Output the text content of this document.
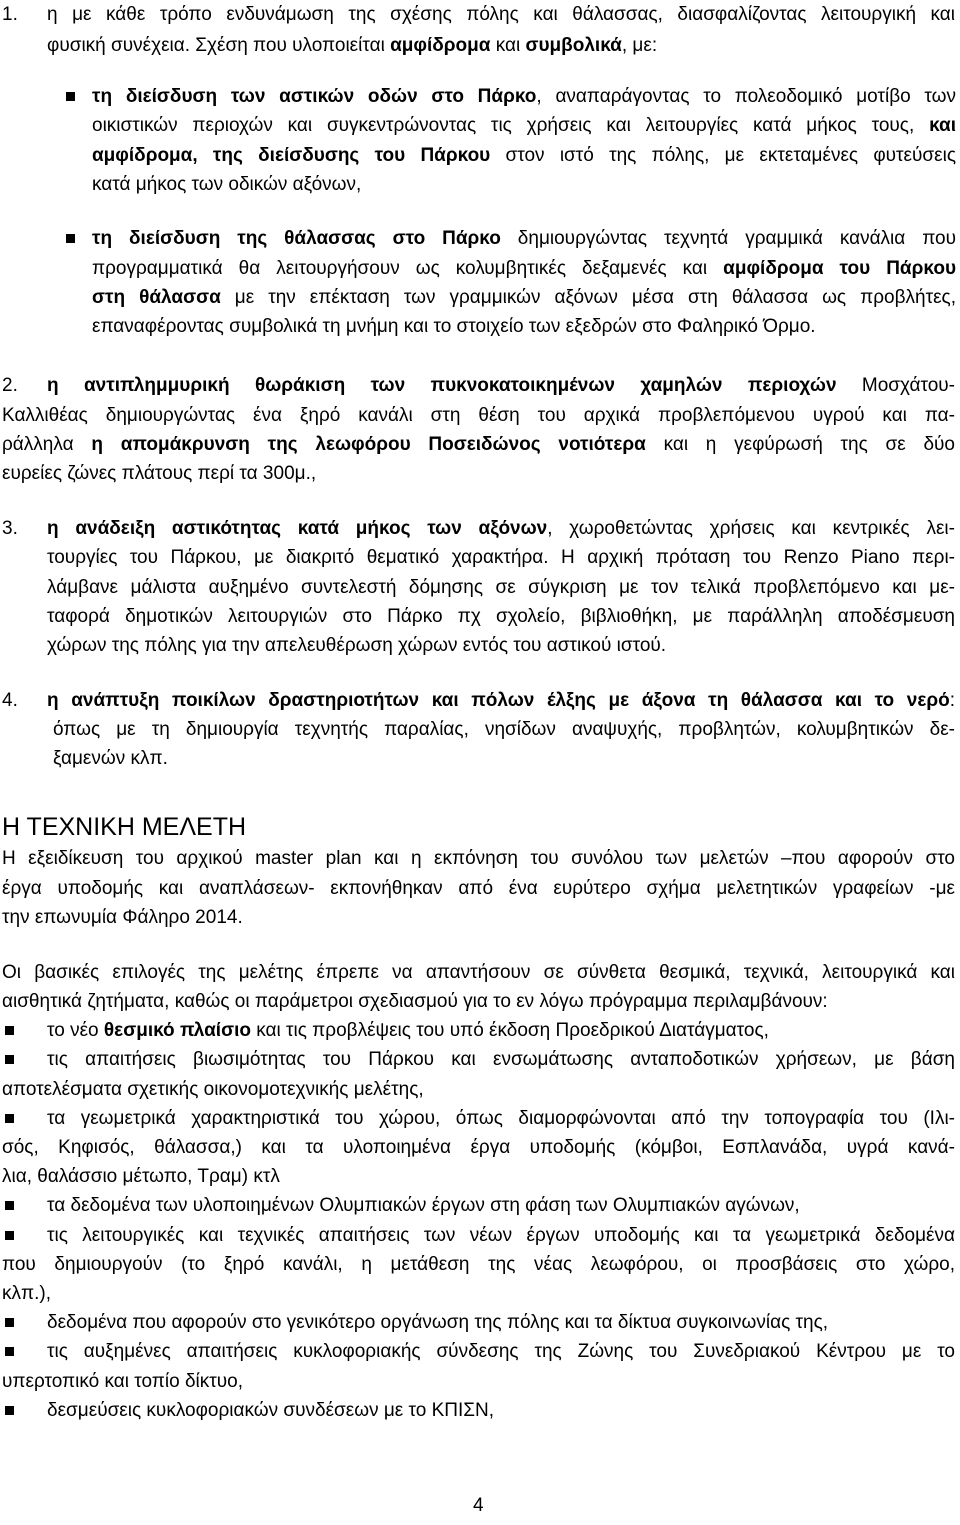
1. η με κάθε τρόπο ενδυνάμωση της σχέσης πόλης και θάλασσας, διασφαλίζοντας λειτουργική και
φυσική συνέχεια. Σχέση που υλοποιείται αμφίδρομα και συμβολικά, με:
τη διείσδυση των αστικών οδών στο Πάρκο, αναπαράγοντας το πολεοδομικό μοτίβο των
οικιστικών περιοχών και συγκεντρώνοντας τις χρήσεις και λειτουργίες κατά μήκος τους, και
αμφίδρομα, της διείσδυσης του Πάρκου στον ιστό της πόλης, με εκτεταμένες φυτεύσεις
κατά μήκος των οδικών αξόνων,
τη διείσδυση της θάλασσας στο Πάρκο δημιουργώντας τεχνητά γραμμικά κανάλια που
προγραμματικά θα λειτουργήσουν ως κολυμβητικές δεξαμενές και αμφίδρομα του Πάρκου
στη θάλασσα με την επέκταση των γραμμικών αξόνων μέσα στη θάλασσα ως προβλήτες,
επαναφέροντας συμβολικά τη μνήμη και το στοιχείο των εξεδρών στο Φαληρικό Όρμο.
2. η αντιπλημμυρική θωράκιση των πυκνοκατοικημένων χαμηλών περιοχών Μοσχάτου-
Καλλιθέας δημιουργώντας ένα ξηρό κανάλι στη θέση του αρχικά προβλεπόμενου υγρού και πα-
ράλληλα η απομάκρυνση της λεωφόρου Ποσειδώνος νοτιότερα και η γεφύρωσή της σε δύο
ευρείες ζώνες πλάτους περί τα 300μ.,
3. η ανάδειξη αστικότητας κατά μήκος των αξόνων, χωροθετώντας χρήσεις και κεντρικές λει-
τουργίες του Πάρκου, με διακριτό θεματικό χαρακτήρα. Η αρχική πρόταση του Renzo Piano περι-
λάμβανε μάλιστα αυξημένο συντελεστή δόμησης σε σύγκριση με τον τελικά προβλεπόμενο και με-
ταφορά δημοτικών λειτουργιών στο Πάρκο πχ σχολείο, βιβλιοθήκη, με παράλληλη αποδέσμευση
χώρων της πόλης για την απελευθέρωση χώρων εντός του αστικού ιστού.
4. η ανάπτυξη ποικίλων δραστηριοτήτων και πόλων έλξης με άξονα τη θάλασσα και το νερό:
όπως με τη δημιουργία τεχνητής παραλίας, νησίδων αναψυχής, προβλητών, κολυμβητικών δε-
ξαμενών κλπ.
Η ΤΕΧΝΙΚΗ ΜΕΛΕΤΗ
Η εξειδίκευση του αρχικού master plan και η εκπόνηση του συνόλου των μελετών –που αφορούν στο
έργα υποδομής και αναπλάσεων- εκπονήθηκαν από ένα ευρύτερο σχήμα μελετητικών γραφείων -με
την επωνυμία Φάληρο 2014.
Οι βασικές επιλογές της μελέτης έπρεπε να απαντήσουν σε σύνθετα θεσμικά, τεχνικά, λειτουργικά και
αισθητικά ζητήματα, καθώς οι παράμετροι σχεδιασμού για το εν λόγω πρόγραμμα περιλαμβάνουν:
το νέο θεσμικό πλαίσιο και τις προβλέψεις του υπό έκδοση Προεδρικού Διατάγματος,
τις απαιτήσεις βιωσιμότητας του Πάρκου και ενσωμάτωσης ανταποδοτικών χρήσεων, με βάση
αποτελέσματα σχετικής οικονομοτεχνικής μελέτης,
τα γεωμετρικά χαρακτηριστικά του χώρου, όπως διαμορφώνονται από την τοπογραφία του (Ιλι-
σός, Κηφισός, θάλασσα,) και τα υλοποιημένα έργα υποδομής (κόμβοι, Εσπλανάδα, υγρά κανά-
λια, θαλάσσιο μέτωπο, Τραμ) κτλ
τα δεδομένα των υλοποιημένων Ολυμπιακών έργων στη φάση των Ολυμπιακών αγώνων,
τις λειτουργικές και τεχνικές απαιτήσεις των νέων έργων υποδομής και τα γεωμετρικά δεδομένα
που δημιουργούν (το ξηρό κανάλι, η μετάθεση της νέας λεωφόρου, οι προσβάσεις στο χώρο,
κλπ.),
δεδομένα που αφορούν στο γενικότερο οργάνωση της πόλης και τα δίκτυα συγκοινωνίας της,
τις αυξημένες απαιτήσεις κυκλοφοριακής σύνδεσης της Ζώνης του Συνεδριακού Κέντρου με το
υπερτοπικό και τοπίο δίκτυο,
δεσμεύσεις κυκλοφοριακών συνδέσεων με το ΚΠΙΣΝ,
4
